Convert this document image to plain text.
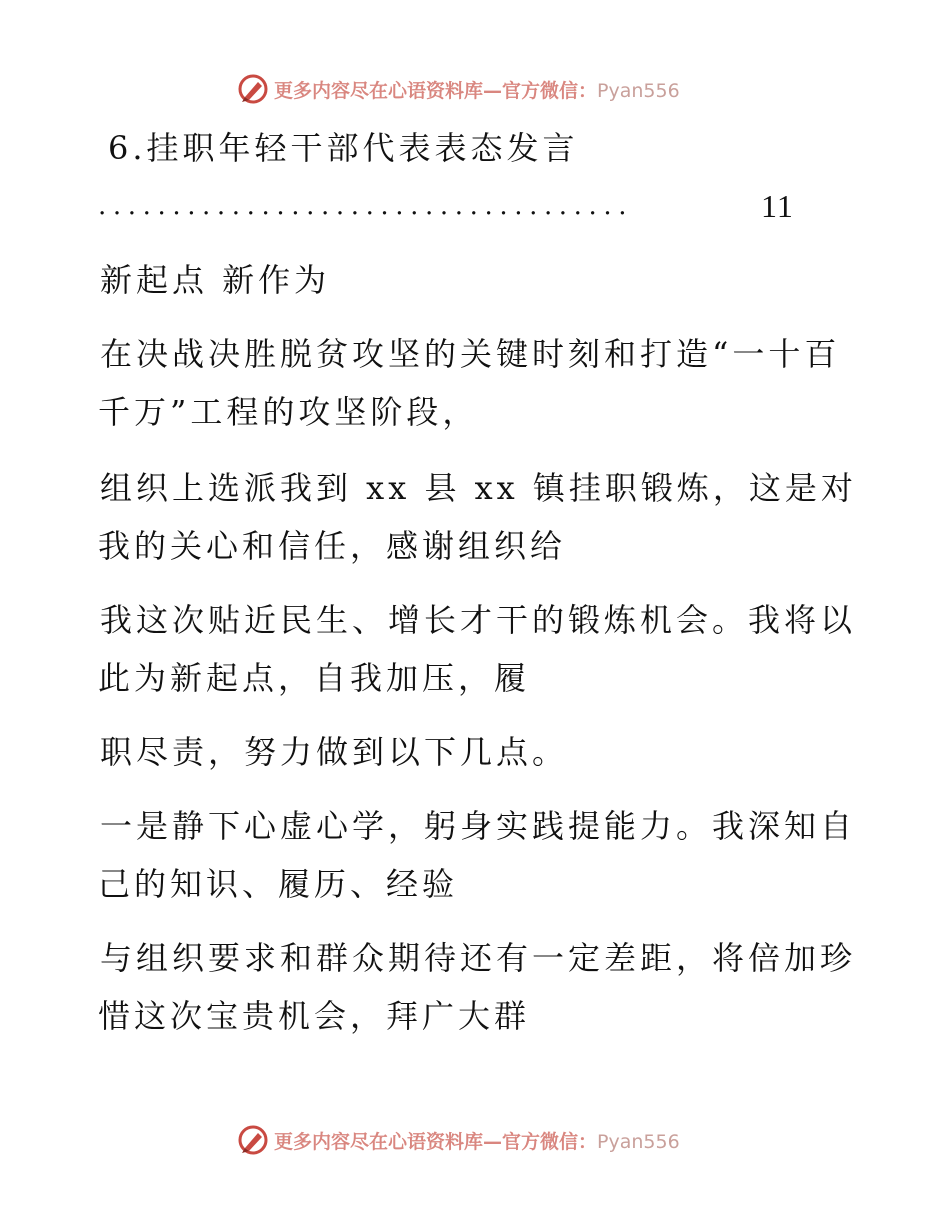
更多内容尽在心语资料库—官方微信：Pyan556
6.挂职年轻干部代表表态发言
....................................	11
新起点 新作为
在决战决胜脱贫攻坚的关键时刻和打造“一十百
千万”工程的攻坚阶段，
组织上选派我到 xx 县 xx 镇挂职锻炼，这是对
我的关心和信任，感谢组织给
我这次贴近民生、增长才干的锻炼机会。我将以
此为新起点，自我加压，履
职尽责，努力做到以下几点。
一是静下心虚心学，躬身实践提能力。我深知自
己的知识、履历、经验
与组织要求和群众期待还有一定差距，将倍加珍
惜这次宝贵机会，拜广大群
更多内容尽在心语资料库—官方微信：Pyan556
